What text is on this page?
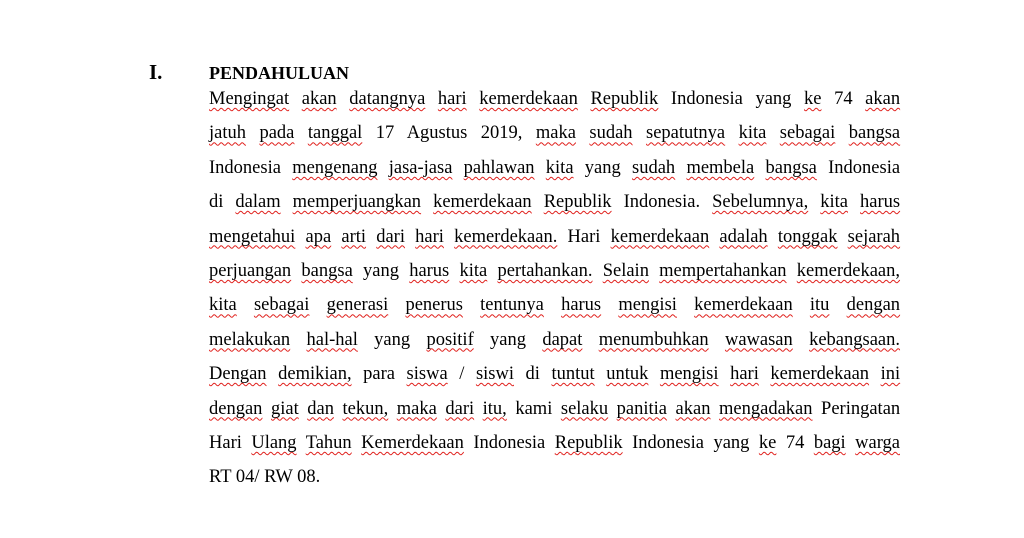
I.	PENDAHULUAN
Mengingat akan datangnya hari kemerdekaan Republik Indonesia yang ke 74 akan
jatuh pada tanggal 17 Agustus 2019, maka sudah sepatutnya kita sebagai bangsa
Indonesia mengenang jasa-jasa pahlawan kita yang sudah membela bangsa Indonesia
di dalam memperjuangkan kemerdekaan Republik Indonesia. Sebelumnya, kita harus
mengetahui apa arti dari hari kemerdekaan. Hari kemerdekaan adalah tonggak sejarah
perjuangan bangsa yang harus kita pertahankan. Selain mempertahankan kemerdekaan,
kita sebagai generasi penerus tentunya harus mengisi kemerdekaan itu dengan
melakukan hal-hal yang positif yang dapat menumbuhkan wawasan kebangsaan.
Dengan demikian, para siswa / siswi di tuntut untuk mengisi hari kemerdekaan ini
dengan giat dan tekun, maka dari itu, kami selaku panitia akan mengadakan Peringatan
Hari Ulang Tahun Kemerdekaan Indonesia Republik Indonesia yang ke 74 bagi warga
RT 04/ RW 08.
